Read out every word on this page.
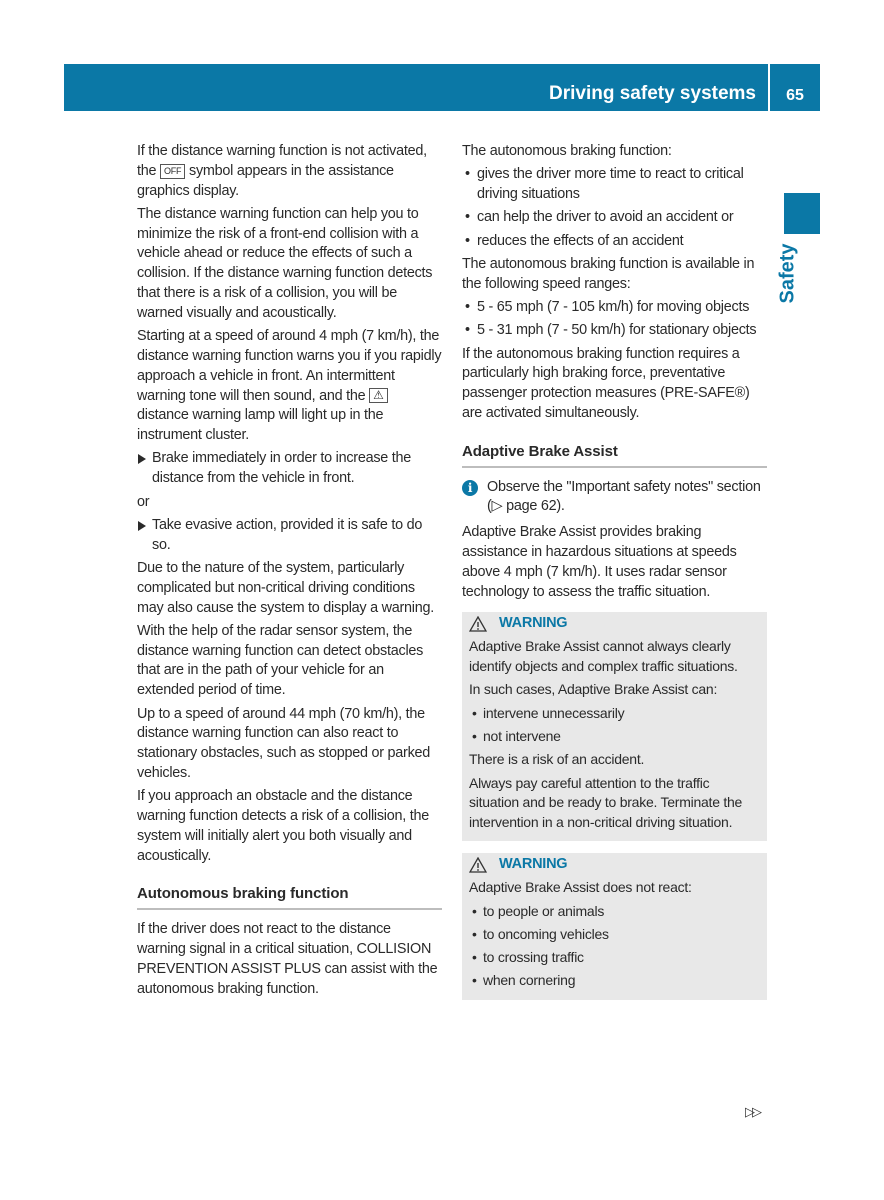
Driving safety systems 65
Safety

If the distance warning function is not activated, the OFF symbol appears in the assistance graphics display.

The distance warning function can help you to minimize the risk of a front-end collision with a vehicle ahead or reduce the effects of such a collision. If the distance warning function detects that there is a risk of a collision, you will be warned visually and acoustically.

Starting at a speed of around 4 mph (7 km/h), the distance warning function warns you if you rapidly approach a vehicle in front. An intermittent warning tone will then sound, and the ⚠ distance warning lamp will light up in the instrument cluster.

Brake immediately in order to increase the distance from the vehicle in front.

or

Take evasive action, provided it is safe to do so.

Due to the nature of the system, particularly complicated but non-critical driving conditions may also cause the system to display a warning.

With the help of the radar sensor system, the distance warning function can detect obstacles that are in the path of your vehicle for an extended period of time.

Up to a speed of around 44 mph (70 km/h), the distance warning function can also react to stationary obstacles, such as stopped or parked vehicles.

If you approach an obstacle and the distance warning function detects a risk of a collision, the system will initially alert you both visually and acoustically.

Autonomous braking function

If the driver does not react to the distance warning signal in a critical situation, COLLISION PREVENTION ASSIST PLUS can assist with the autonomous braking function.

The autonomous braking function:

• gives the driver more time to react to critical driving situations
• can help the driver to avoid an accident or
• reduces the effects of an accident

The autonomous braking function is available in the following speed ranges:

• 5 - 65 mph (7 - 105 km/h) for moving objects
• 5 - 31 mph (7 - 50 km/h) for stationary objects

If the autonomous braking function requires a particularly high braking force, preventative passenger protection measures (PRE-SAFE®) are activated simultaneously.

Adaptive Brake Assist
i	Observe the "Important safety notes" section (▷ page 62).

Adaptive Brake Assist provides braking assistance in hazardous situations at speeds above 4 mph (7 km/h). It uses radar sensor technology to assess the traffic situation.

WARNING

Adaptive Brake Assist cannot always clearly identify objects and complex traffic situations.

In such cases, Adaptive Brake Assist can:

• intervene unnecessarily
• not intervene

There is a risk of an accident.

Always pay careful attention to the traffic situation and be ready to brake. Terminate the intervention in a non-critical driving situation.

WARNING

Adaptive Brake Assist does not react:

• to people or animals
• to oncoming vehicles
• to crossing traffic
• when cornering
▷▷
